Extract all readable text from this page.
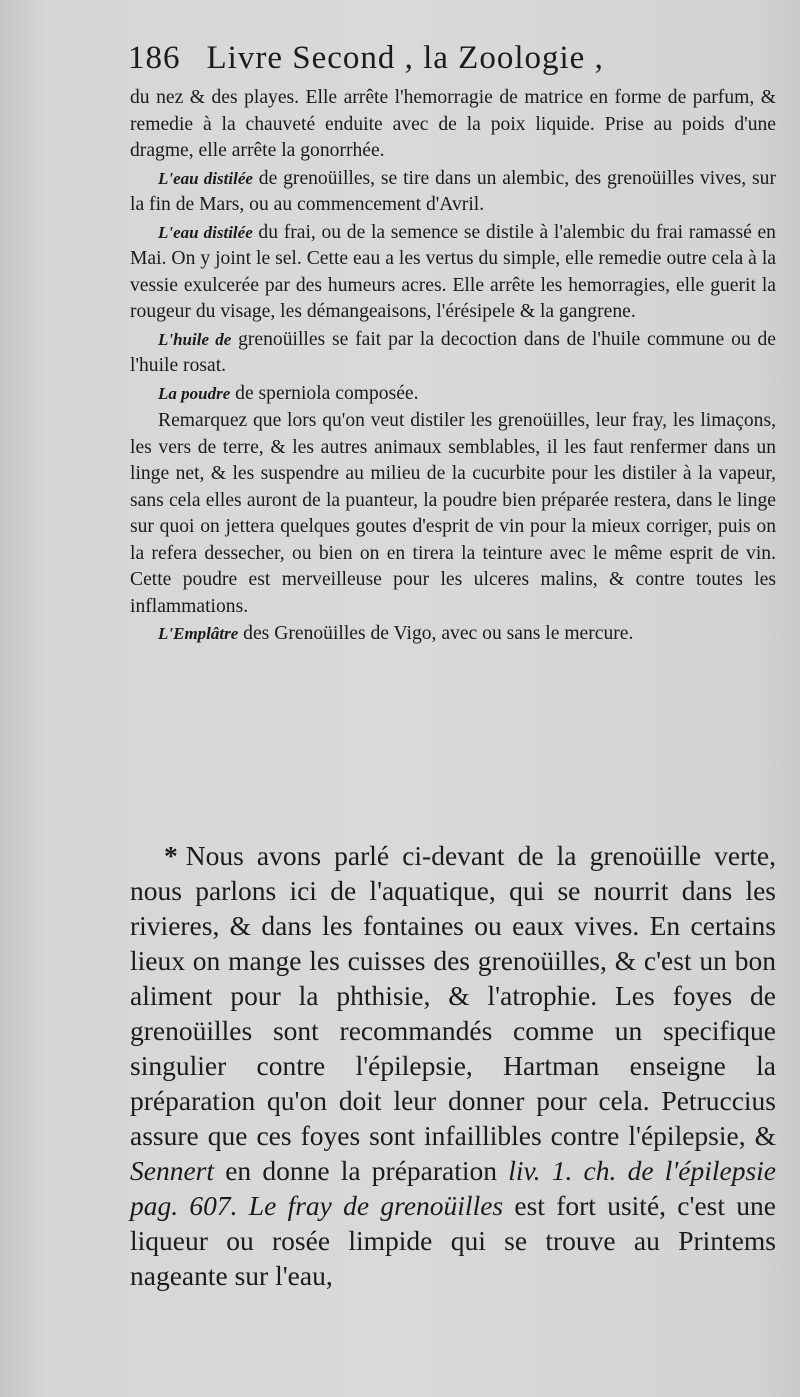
186 Livre Second , la Zoologie ,

du nez & des playes. Elle arrête l'hemorragie de matrice en forme de parfum, & remedie à la chauveté enduite avec de la poix liquide. Prise au poids d'une dragme, elle arrête la gonorrhée.

L'eau distilée de grenoüilles, se tire dans un alembic, des grenoüilles vives, sur la fin de Mars, ou au commencement d'Avril.

L'eau distilée du frai, ou de la semence se distile à l'alembic du frai ramassé en Mai. On y joint le sel. Cette eau a les vertus du simple, elle remedie outre cela à la vessie exulcerée par des humeurs acres. Elle arrête les hemorragies, elle guerit la rougeur du visage, les démangeaisons, l'érésipele & la gangrene.

L'huile de grenoüilles se fait par la decoction dans de l'huile commune ou de l'huile rosat.

La poudre de sperniola composée.

Remarquez que lors qu'on veut distiler les grenoüilles, leur fray, les limaçons, les vers de terre, & les autres animaux semblables, il les faut renfermer dans un linge net, & les suspendre au milieu de la cucurbite pour les distiler à la vapeur, sans cela elles auront de la puanteur, la poudre bien préparée restera, dans le linge sur quoi on jettera quelques goutes d'esprit de vin pour la mieux corriger, puis on la refera dessecher, ou bien on en tirera la teinture avec le même esprit de vin. Cette poudre est merveilleuse pour les ulceres malins, & contre toutes les inflammations.

L'Emplâtre des Grenoüilles de Vigo, avec ou sans le mercure.

* Nous avons parlé ci-devant de la grenoüille verte, nous parlons ici de l'aquatique, qui se nourrit dans les rivieres, & dans les fontaines ou eaux vives. En certains lieux on mange les cuisses des grenoüilles, & c'est un bon aliment pour la phthisie, & l'atrophie. Les foyes de grenoüilles sont recommandés comme un specifique singulier contre l'épilepsie, Hartman enseigne la préparation qu'on doit leur donner pour cela. Petruccius assure que ces foyes sont infaillibles contre l'épilepsie, & Sennert en donne la préparation liv. 1. ch. de l'épilepsie pag. 607. Le fray de grenoüilles est fort usité, c'est une liqueur ou rosée limpide qui se trouve au Printems nageante sur l'eau,
